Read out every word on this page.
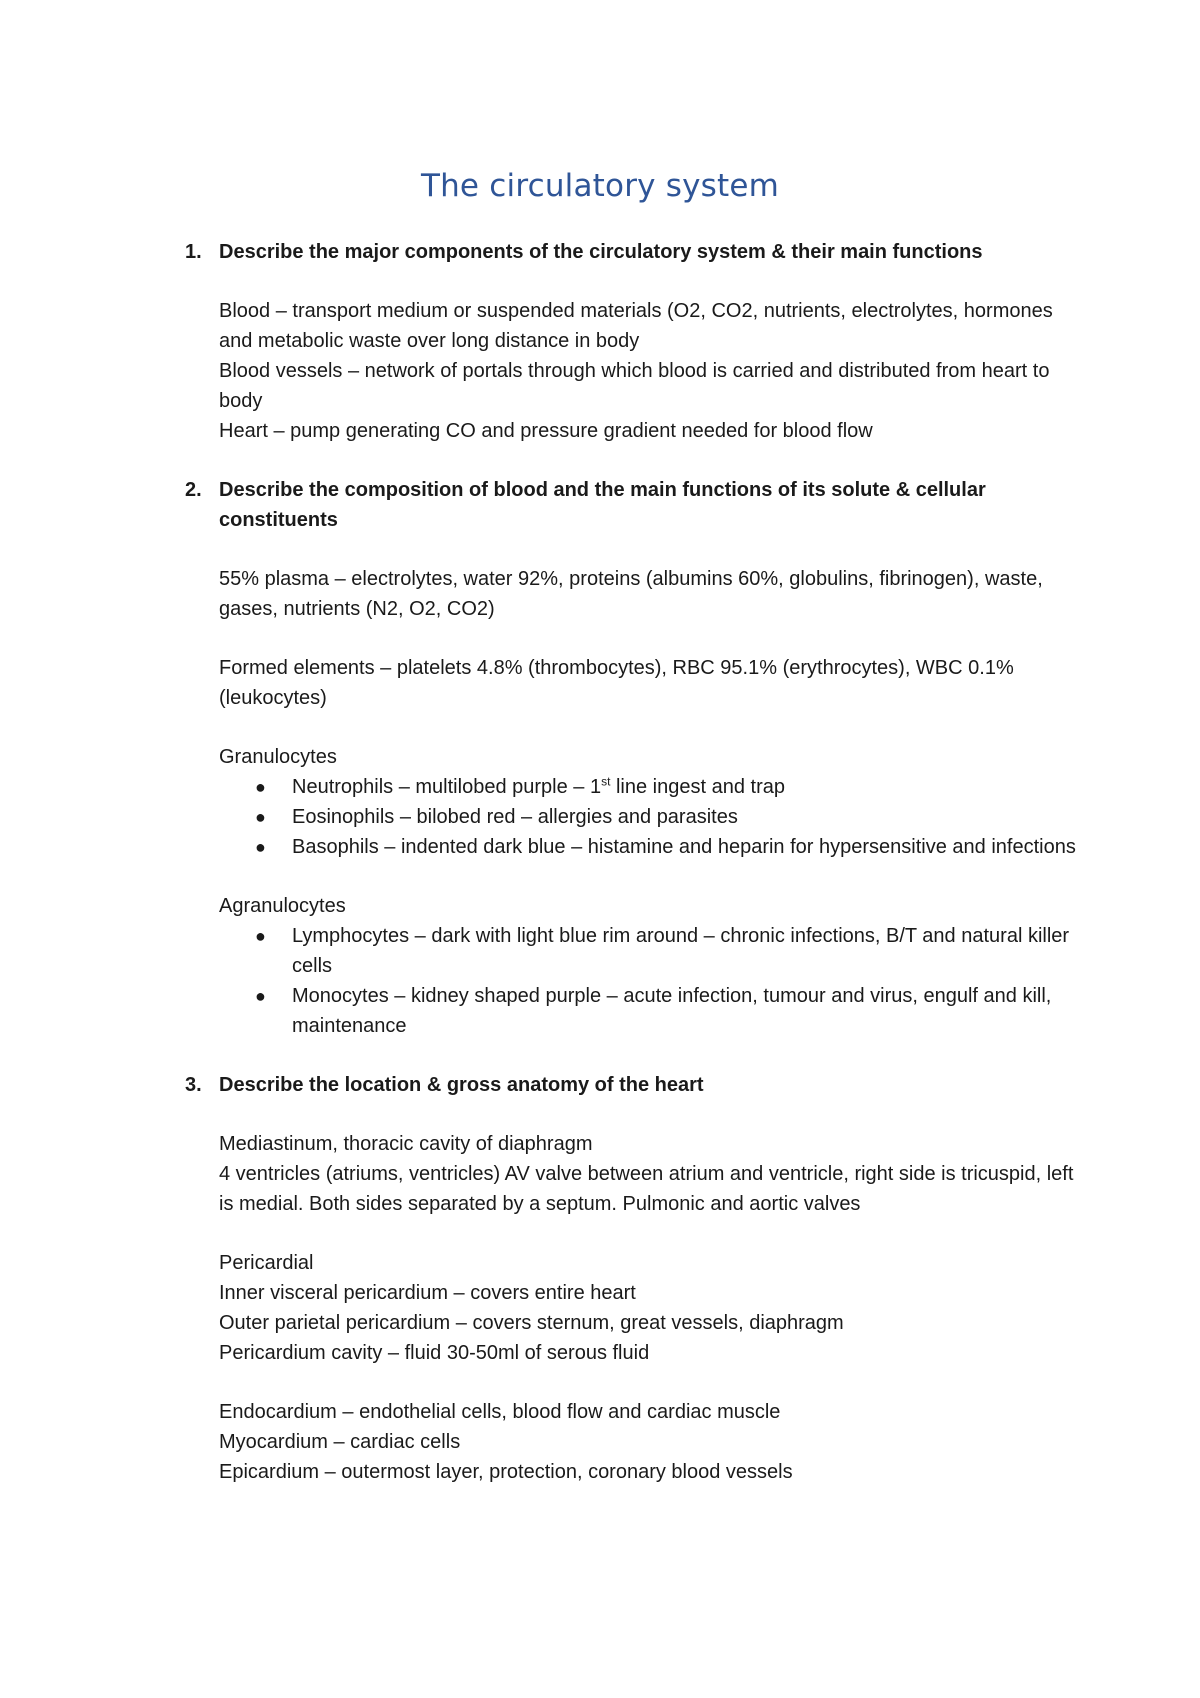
The circulatory system
1. Describe the major components of the circulatory system & their main functions
Blood – transport medium or suspended materials (O2, CO2, nutrients, electrolytes, hormones and metabolic waste over long distance in body
Blood vessels – network of portals through which blood is carried and distributed from heart to body
Heart – pump generating CO and pressure gradient needed for blood flow
2. Describe the composition of blood and the main functions of its solute & cellular constituents
55% plasma – electrolytes, water 92%, proteins (albumins 60%, globulins, fibrinogen), waste, gases, nutrients (N2, O2, CO2)
Formed elements – platelets 4.8% (thrombocytes), RBC 95.1% (erythrocytes), WBC 0.1% (leukocytes)
Granulocytes
● Neutrophils – multilobed purple – 1st line ingest and trap
● Eosinophils – bilobed red – allergies and parasites
● Basophils – indented dark blue – histamine and heparin for hypersensitive and infections
Agranulocytes
● Lymphocytes – dark with light blue rim around – chronic infections, B/T and natural killer cells
● Monocytes – kidney shaped purple – acute infection, tumour and virus, engulf and kill, maintenance
3. Describe the location & gross anatomy of the heart
Mediastinum, thoracic cavity of diaphragm
4 ventricles (atriums, ventricles) AV valve between atrium and ventricle, right side is tricuspid, left is medial. Both sides separated by a septum. Pulmonic and aortic valves
Pericardial
Inner visceral pericardium – covers entire heart
Outer parietal pericardium – covers sternum, great vessels, diaphragm
Pericardium cavity – fluid 30-50ml of serous fluid
Endocardium – endothelial cells, blood flow and cardiac muscle
Myocardium – cardiac cells
Epicardium – outermost layer, protection, coronary blood vessels
